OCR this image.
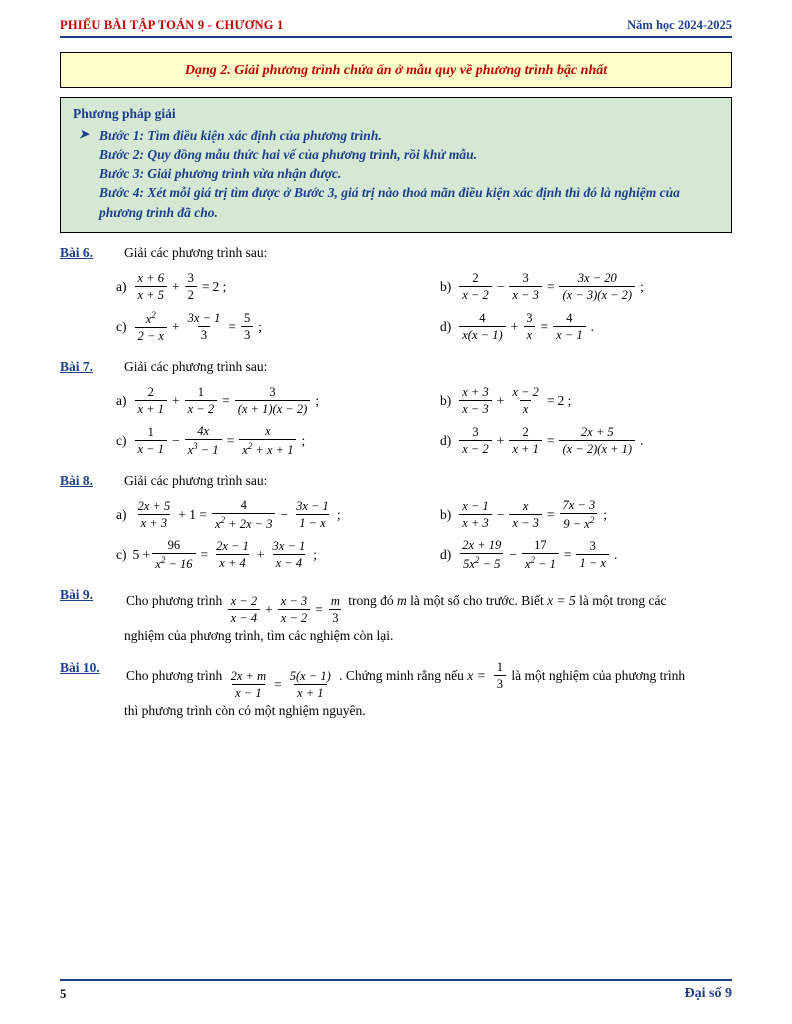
PHIẾU BÀI TẬP TOÁN 9 - CHƯƠNG 1	Năm học 2024-2025
Dạng 2. Giải phương trình chứa ẩn ở mẫu quy về phương trình bậc nhất
Phương pháp giải
➤ Bước 1: Tìm điều kiện xác định của phương trình.
Bước 2: Quy đồng mẫu thức hai vế của phương trình, rồi khử mẫu.
Bước 3: Giải phương trình vừa nhận được.
Bước 4: Xét mỗi giá trị tìm được ở Bước 3, giá trị nào thoả mãn điều kiện xác định thì đó là nghiệm của phương trình đã cho.
Bài 6.	Giải các phương trình sau:
$a) \frac{x + 6}{x + 5} + \frac{3}{2} = 2$ ;	$b) \frac{2}{x - 2} - \frac{3}{x - 3} = \frac{3x - 20}{(x - 3)(x - 2)}$ ;
$c) \frac{x^2}{2 - x} + \frac{3x - 1}{3} = \frac{5}{3}$ ;	$d) \frac{4}{x(x - 1)} + \frac{3}{x} = \frac{4}{x - 1}$ .
Bài 7.	Giải các phương trình sau:
$a) \frac{2}{x + 1} + \frac{1}{x - 2} = \frac{3}{(x + 1)(x - 2)}$ ;	$b) \frac{x + 3}{x - 3} + \frac{x - 2}{x} = 2$ ;
$c) \frac{1}{x - 1} - \frac{4x}{x^3 - 1} = \frac{x}{x^2 + x + 1}$ ;	$d) \frac{3}{x - 2} + \frac{2}{x + 1} = \frac{2x + 5}{(x - 2)(x + 1)}$ .
Bài 8.	Giải các phương trình sau:
$a) \frac{2x + 5}{x + 3} + 1 = \frac{4}{x^2 + 2x - 3} - \frac{3x - 1}{1 - x}$ ;	$b) \frac{x - 1}{x + 3} - \frac{x}{x - 3} = \frac{7x - 3}{9 - x^2}$ ;
c) $5 + \frac{96}{x^2 - 16} = \frac{2x - 1}{x + 4} + \frac{3x - 1}{x - 4}$ ;	$d) \frac{2x + 19}{5x^2 - 5} - \frac{17}{x^2 - 1} = \frac{3}{1 - x}$ .
Bài 9.	Cho phương trình $\frac{x - 2}{x - 4} + \frac{x - 3}{x - 2} = \frac{m}{3}$ trong đó m là một số cho trước. Biết x = 5 là một trong các
nghiệm của phương trình, tìm các nghiệm còn lại.
Bài 10.
Cho phương trình $\frac{2x + m}{x - 1} = \frac{5(x - 1)}{x + 1}$ . Chứng minh rằng nếu $x = \frac{1}{3}$ là một nghiệm của phương trình
thì phương trình còn có một nghiệm nguyên.
5	Đại số 9
